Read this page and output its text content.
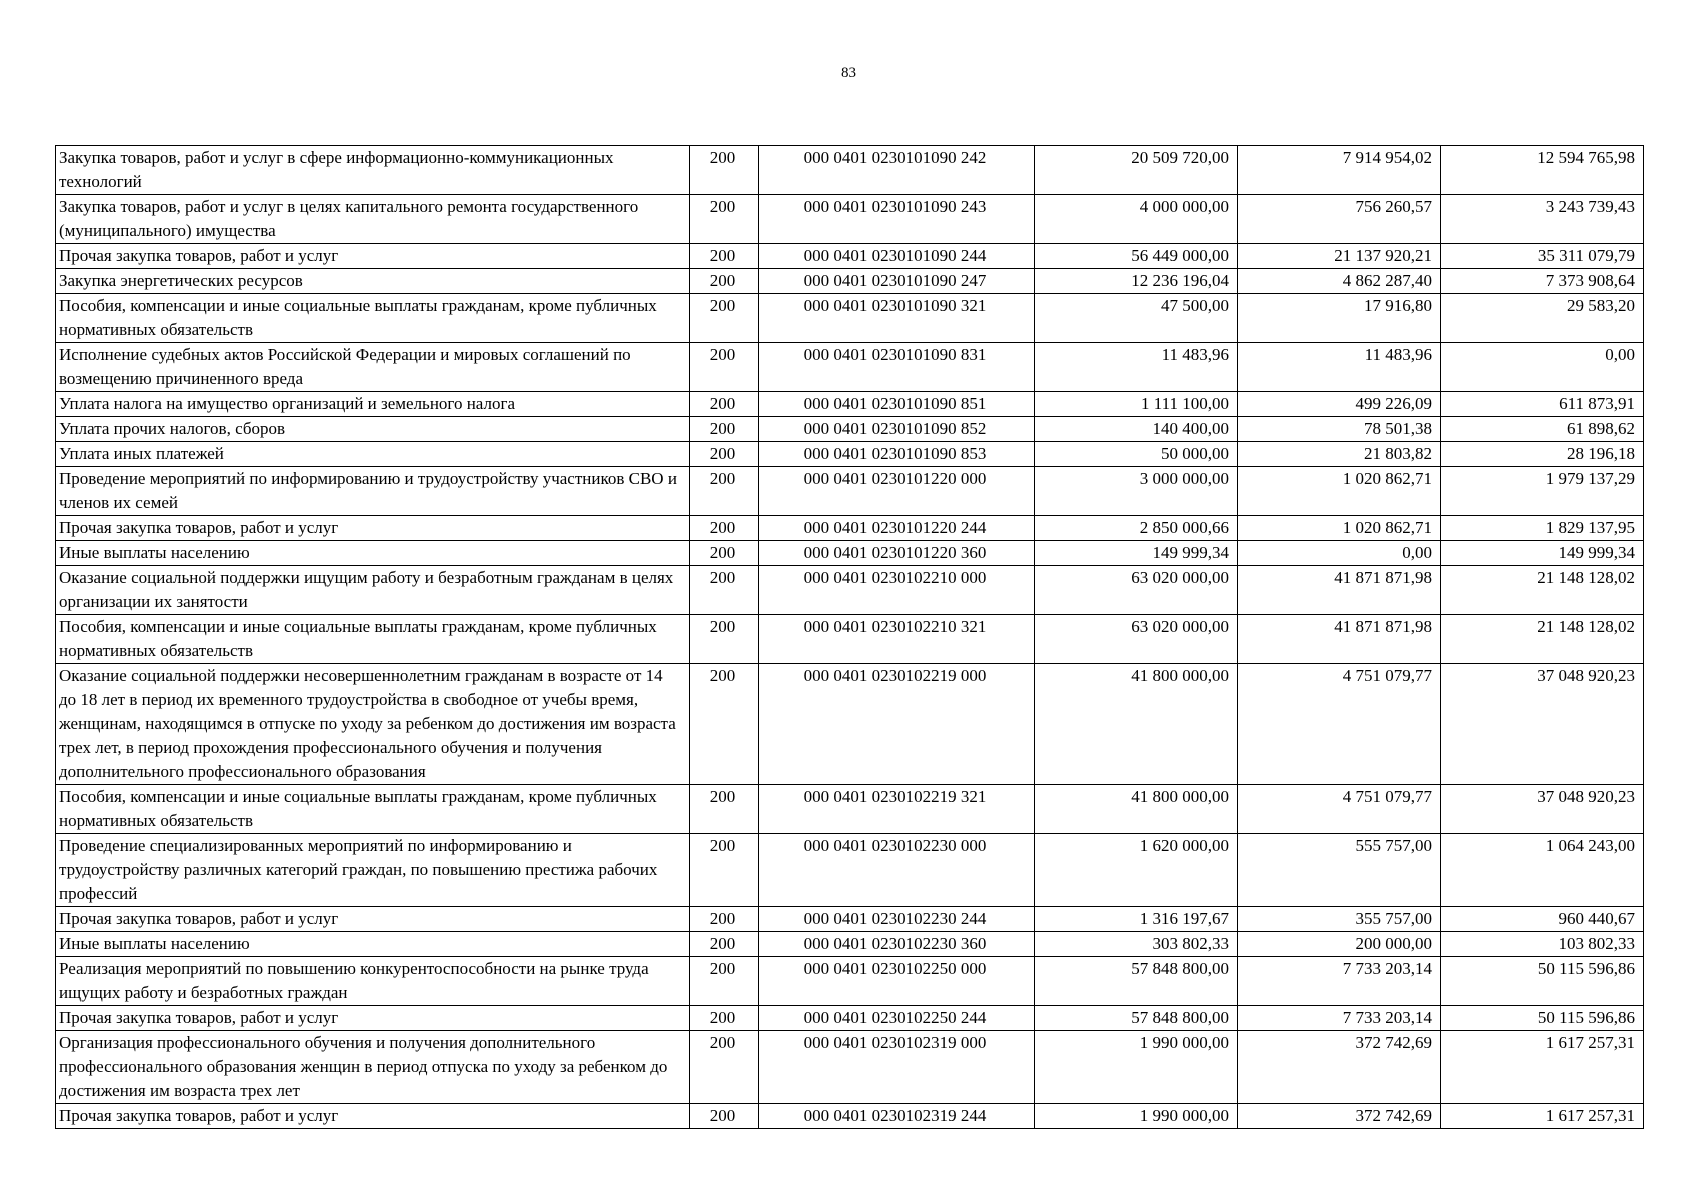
83
Закупка товаров, работ и услуг в сфере информационно-коммуникационных технологий	200	000 0401 0230101090 242	20 509 720,00	7 914 954,02	12 594 765,98
Закупка товаров, работ и услуг в целях капитального ремонта государственного (муниципального) имущества	200	000 0401 0230101090 243	4 000 000,00	756 260,57	3 243 739,43
Прочая закупка товаров, работ и услуг	200	000 0401 0230101090 244	56 449 000,00	21 137 920,21	35 311 079,79
Закупка энергетических ресурсов	200	000 0401 0230101090 247	12 236 196,04	4 862 287,40	7 373 908,64
Пособия, компенсации и иные социальные выплаты гражданам, кроме публичных нормативных обязательств	200	000 0401 0230101090 321	47 500,00	17 916,80	29 583,20
Исполнение судебных актов Российской Федерации и мировых соглашений по возмещению причиненного вреда	200	000 0401 0230101090 831	11 483,96	11 483,96	0,00
Уплата налога на имущество организаций и земельного налога	200	000 0401 0230101090 851	1 111 100,00	499 226,09	611 873,91
Уплата прочих налогов, сборов	200	000 0401 0230101090 852	140 400,00	78 501,38	61 898,62
Уплата иных платежей	200	000 0401 0230101090 853	50 000,00	21 803,82	28 196,18
Проведение мероприятий по информированию и трудоустройству участников СВО и членов их семей	200	000 0401 0230101220 000	3 000 000,00	1 020 862,71	1 979 137,29
Прочая закупка товаров, работ и услуг	200	000 0401 0230101220 244	2 850 000,66	1 020 862,71	1 829 137,95
Иные выплаты населению	200	000 0401 0230101220 360	149 999,34	0,00	149 999,34
Оказание социальной поддержки ищущим работу и безработным гражданам в целях организации их занятости	200	000 0401 0230102210 000	63 020 000,00	41 871 871,98	21 148 128,02
Пособия, компенсации и иные социальные выплаты гражданам, кроме публичных нормативных обязательств	200	000 0401 0230102210 321	63 020 000,00	41 871 871,98	21 148 128,02
Оказание социальной поддержки несовершеннолетним гражданам в возрасте от 14 до 18 лет в период их временного трудоустройства в свободное от учебы время, женщинам, находящимся в отпуске по уходу за ребенком до достижения им возраста трех лет, в период прохождения профессионального обучения и получения дополнительного профессионального образования	200	000 0401 0230102219 000	41 800 000,00	4 751 079,77	37 048 920,23
Пособия, компенсации и иные социальные выплаты гражданам, кроме публичных нормативных обязательств	200	000 0401 0230102219 321	41 800 000,00	4 751 079,77	37 048 920,23
Проведение специализированных мероприятий по информированию и трудоустройству различных категорий граждан, по повышению престижа рабочих профессий	200	000 0401 0230102230 000	1 620 000,00	555 757,00	1 064 243,00
Прочая закупка товаров, работ и услуг	200	000 0401 0230102230 244	1 316 197,67	355 757,00	960 440,67
Иные выплаты населению	200	000 0401 0230102230 360	303 802,33	200 000,00	103 802,33
Реализация мероприятий по повышению конкурентоспособности на рынке труда ищущих работу и безработных граждан	200	000 0401 0230102250 000	57 848 800,00	7 733 203,14	50 115 596,86
Прочая закупка товаров, работ и услуг	200	000 0401 0230102250 244	57 848 800,00	7 733 203,14	50 115 596,86
Организация профессионального обучения и получения дополнительного профессионального образования женщин в период отпуска по уходу за ребенком до достижения им возраста трех лет	200	000 0401 0230102319 000	1 990 000,00	372 742,69	1 617 257,31
Прочая закупка товаров, работ и услуг	200	000 0401 0230102319 244	1 990 000,00	372 742,69	1 617 257,31
